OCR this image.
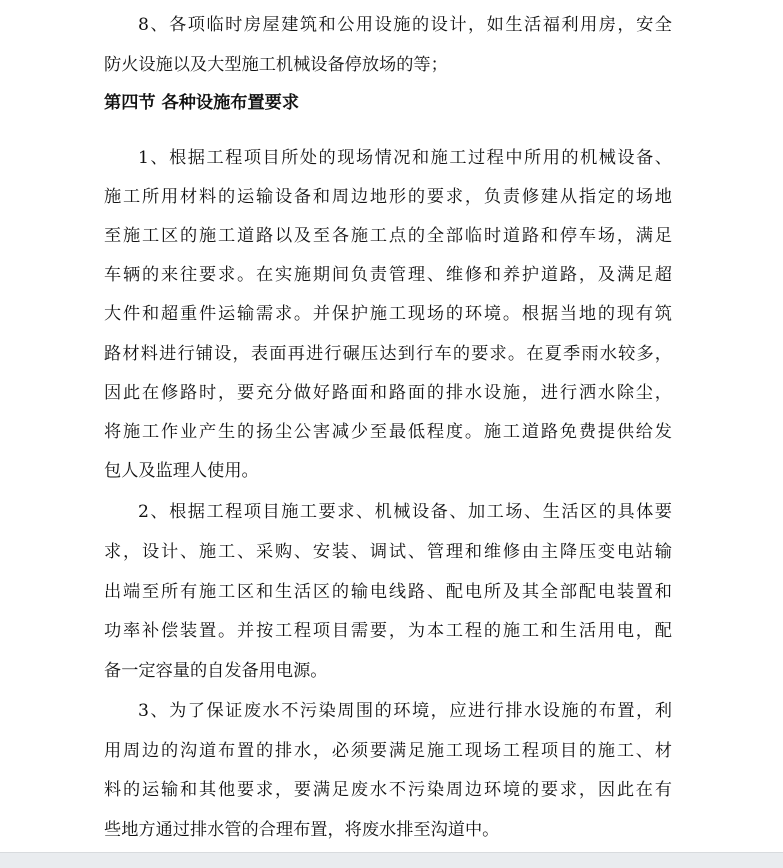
8、各项临时房屋建筑和公用设施的设计，如生活福利用房，安全
防火设施以及大型施工机械设备停放场的等；
第四节 各种设施布置要求
1、根据工程项目所处的现场情况和施工过程中所用的机械设备、
施工所用材料的运输设备和周边地形的要求，负责修建从指定的场地
至施工区的施工道路以及至各施工点的全部临时道路和停车场，满足
车辆的来往要求。在实施期间负责管理、维修和养护道路，及满足超
大件和超重件运输需求。并保护施工现场的环境。根据当地的现有筑
路材料进行铺设，表面再进行碾压达到行车的要求。在夏季雨水较多，
因此在修路时，要充分做好路面和路面的排水设施，进行洒水除尘，
将施工作业产生的扬尘公害减少至最低程度。施工道路免费提供给发
包人及监理人使用。
2、根据工程项目施工要求、机械设备、加工场、生活区的具体要
求，设计、施工、采购、安装、调试、管理和维修由主降压变电站输
出端至所有施工区和生活区的输电线路、配电所及其全部配电装置和
功率补偿装置。并按工程项目需要，为本工程的施工和生活用电，配
备一定容量的自发备用电源。
3、为了保证废水不污染周围的环境，应进行排水设施的布置，利
用周边的沟道布置的排水，必须要满足施工现场工程项目的施工、材
料的运输和其他要求，要满足废水不污染周边环境的要求，因此在有
些地方通过排水管的合理布置，将废水排至沟道中。
